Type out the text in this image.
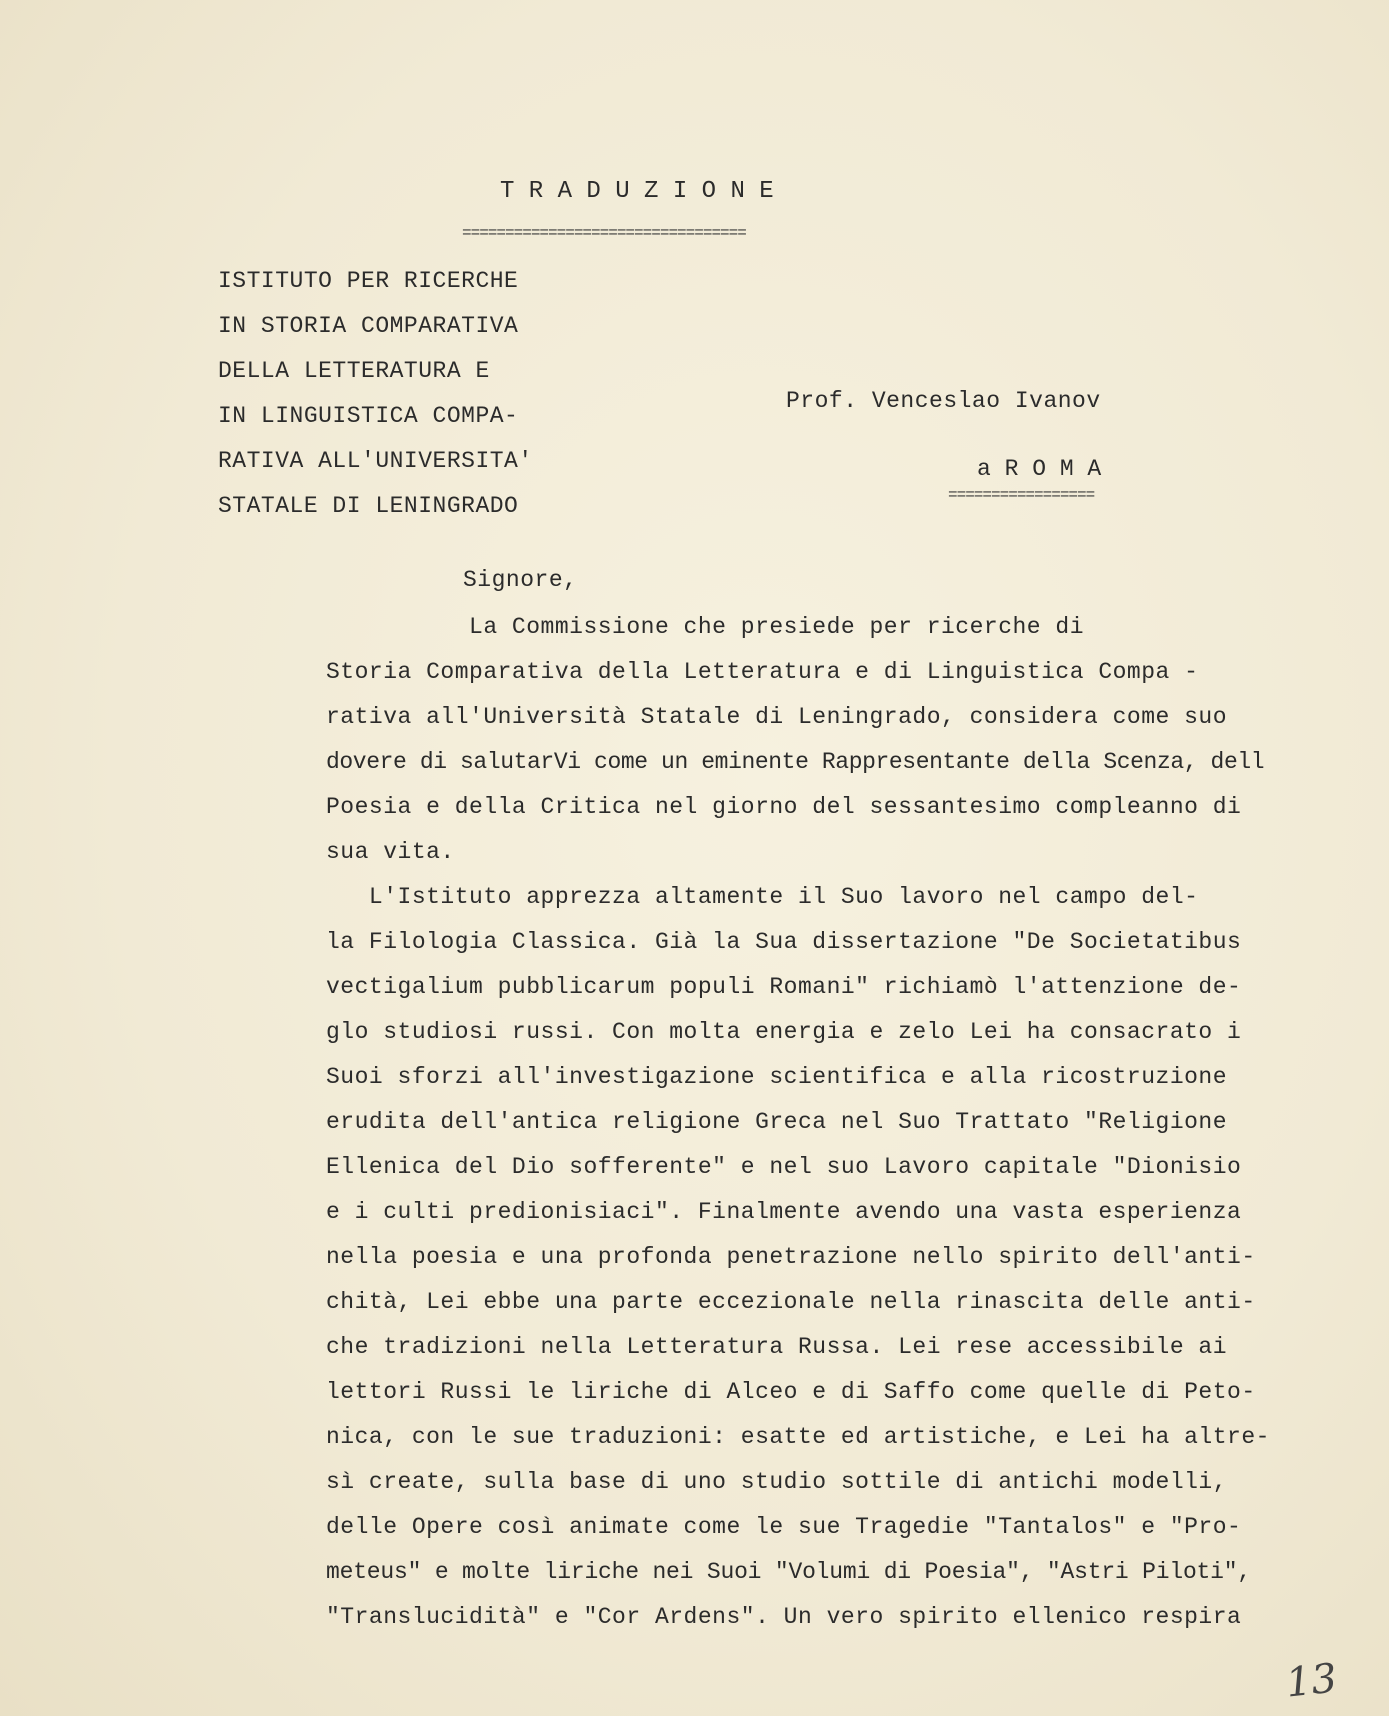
T R A D U Z I O N E
=================================
ISTITUTO PER RICERCHE
IN STORIA COMPARATIVA
DELLA LETTERATURA E
IN LINGUISTICA COMPA-
RATIVA ALL'UNIVERSITA'
STATALE DI LENINGRADO
Prof. Venceslao Ivanov
a R O M A
=================
Signore,
La Commissione che presiede per ricerche di
Storia Comparativa della Letteratura e di Linguistica Compa -
rativa all'Università Statale di Leningrado, considera come suo
dovere di salutarVi come un eminente Rappresentante della Scenza, dell
Poesia e della Critica nel giorno del sessantesimo compleanno di
sua vita.
L'Istituto apprezza altamente il Suo lavoro nel campo del-
la Filologia Classica. Già la Sua dissertazione "De Societatibus
vectigalium pubblicarum populi Romani" richiamò l'attenzione de-
glo studiosi russi. Con molta energia e zelo Lei ha consacrato i
Suoi sforzi all'investigazione scientifica e alla ricostruzione
erudita dell'antica religione Greca nel Suo Trattato "Religione
Ellenica del Dio sofferente" e nel suo Lavoro capitale "Dionisio
e i culti predionisiaci". Finalmente avendo una vasta esperienza
nella poesia e una profonda penetrazione nello spirito dell'anti-
chità, Lei ebbe una parte eccezionale nella rinascita delle anti-
che tradizioni nella Letteratura Russa. Lei rese accessibile ai
lettori Russi le liriche di Alceo e di Saffo come quelle di Peto-
nica, con le sue traduzioni: esatte ed artistiche, e Lei ha altre-
sì create, sulla base di uno studio sottile di antichi modelli,
delle Opere così animate come le sue Tragedie "Tantalos" e "Pro-
meteus" e molte liriche nei Suoi "Volumi di Poesia", "Astri Piloti",
"Translucidità" e "Cor Ardens". Un vero spirito ellenico respira
13
